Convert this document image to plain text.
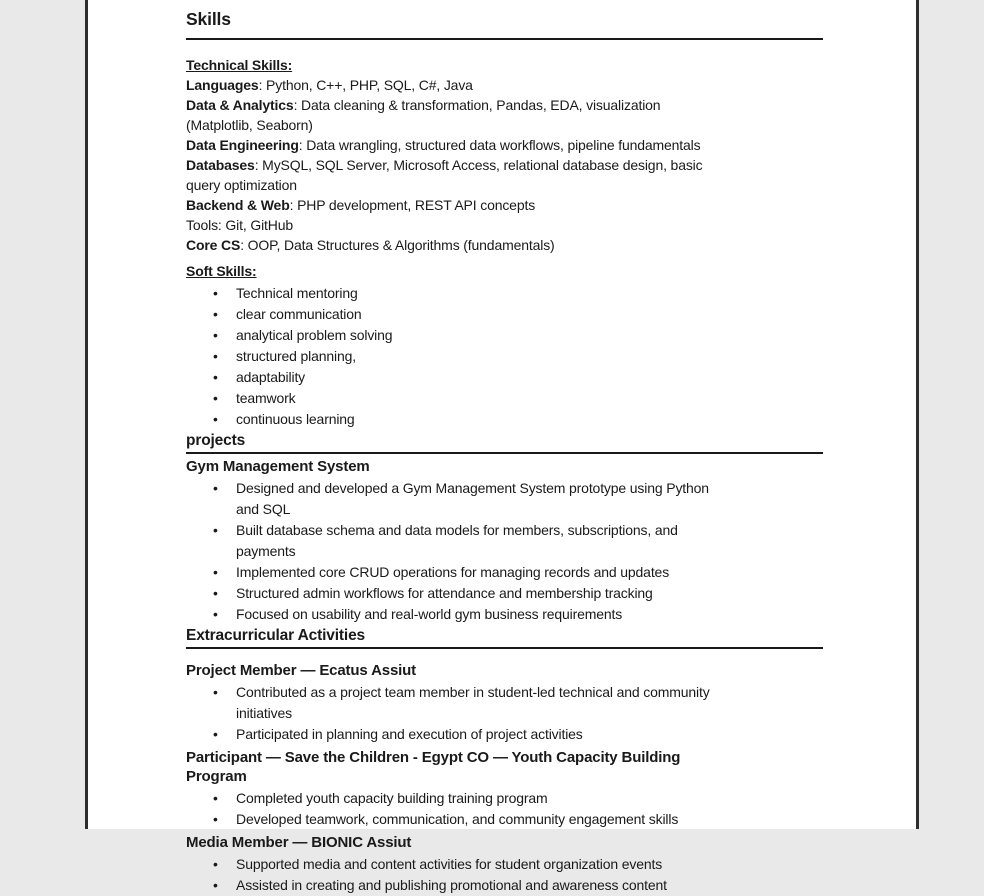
Skills

Technical Skills:

Languages: Python, C++, PHP, SQL, C#, Java

Data & Analytics: Data cleaning & transformation, Pandas, EDA, visualization (Matplotlib, Seaborn)

Data Engineering: Data wrangling, structured data workflows, pipeline fundamentals

Databases: MySQL, SQL Server, Microsoft Access, relational database design, basic query optimization

Backend & Web: PHP development, REST API concepts

Tools: Git, GitHub

Core CS: OOP, Data Structures & Algorithms (fundamentals)

Soft Skills:

• Technical mentoring
• clear communication
• analytical problem solving
• structured planning,
• adaptability
• teamwork
• continuous learning
projects
Gym Management System
• Designed and developed a Gym Management System prototype using Python and SQL
• Built database schema and data models for members, subscriptions, and payments
• Implemented core CRUD operations for managing records and updates
• Structured admin workflows for attendance and membership tracking
• Focused on usability and real-world gym business requirements
Extracurricular Activities
Project Member — Ecatus Assiut
• Contributed as a project team member in student-led technical and community initiatives
• Participated in planning and execution of project activities
Participant — Save the Children - Egypt CO — Youth Capacity Building Program
• Completed youth capacity building training program
• Developed teamwork, communication, and community engagement skills
Media Member — BIONIC Assiut
• Supported media and content activities for student organization events
• Assisted in creating and publishing promotional and awareness content
